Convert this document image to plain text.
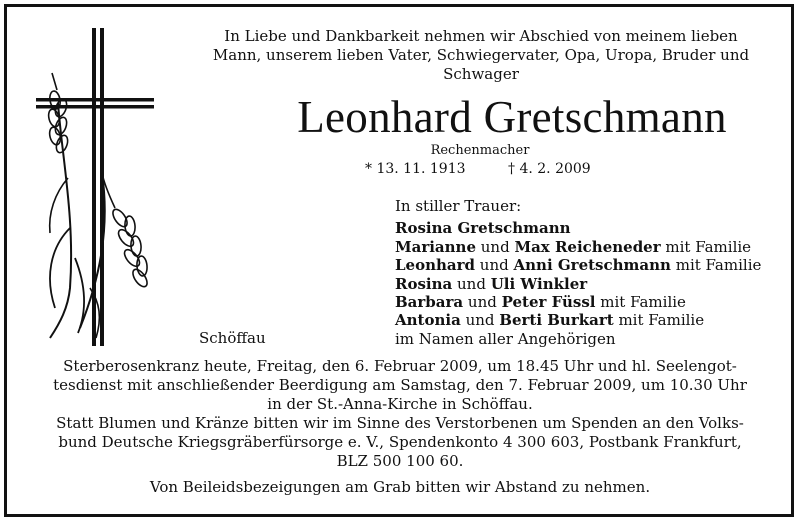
In Liebe und Dankbarkeit nehmen wir Abschied von meinem lieben
Mann, unserem lieben Vater, Schwiegervater, Opa, Uropa, Bruder und
Schwager
Leonhard Gretschmann
Rechenmacher
* 13. 11. 1913	† 4. 2. 2009
In stiller Trauer:
Rosina Gretschmann
Marianne und Max Reicheneder mit Familie
Leonhard und Anni Gretschmann mit Familie
Rosina und Uli Winkler
Barbara und Peter Füssl mit Familie
Antonia und Berti Burkart mit Familie
im Namen aller Angehörigen
Schöffau
Sterberosenkranz heute, Freitag, den 6. Februar 2009, um 18.45 Uhr und hl. Seelengot-
tesdienst mit anschließender Beerdigung am Samstag, den 7. Februar 2009, um 10.30 Uhr
in der St.-Anna-Kirche in Schöffau.
Statt Blumen und Kränze bitten wir im Sinne des Verstorbenen um Spenden an den Volks-
bund Deutsche Kriegsgräberfürsorge e. V., Spendenkonto 4 300 603, Postbank Frankfurt,
BLZ 500 100 60.
Von Beileidsbezeigungen am Grab bitten wir Abstand zu nehmen.
